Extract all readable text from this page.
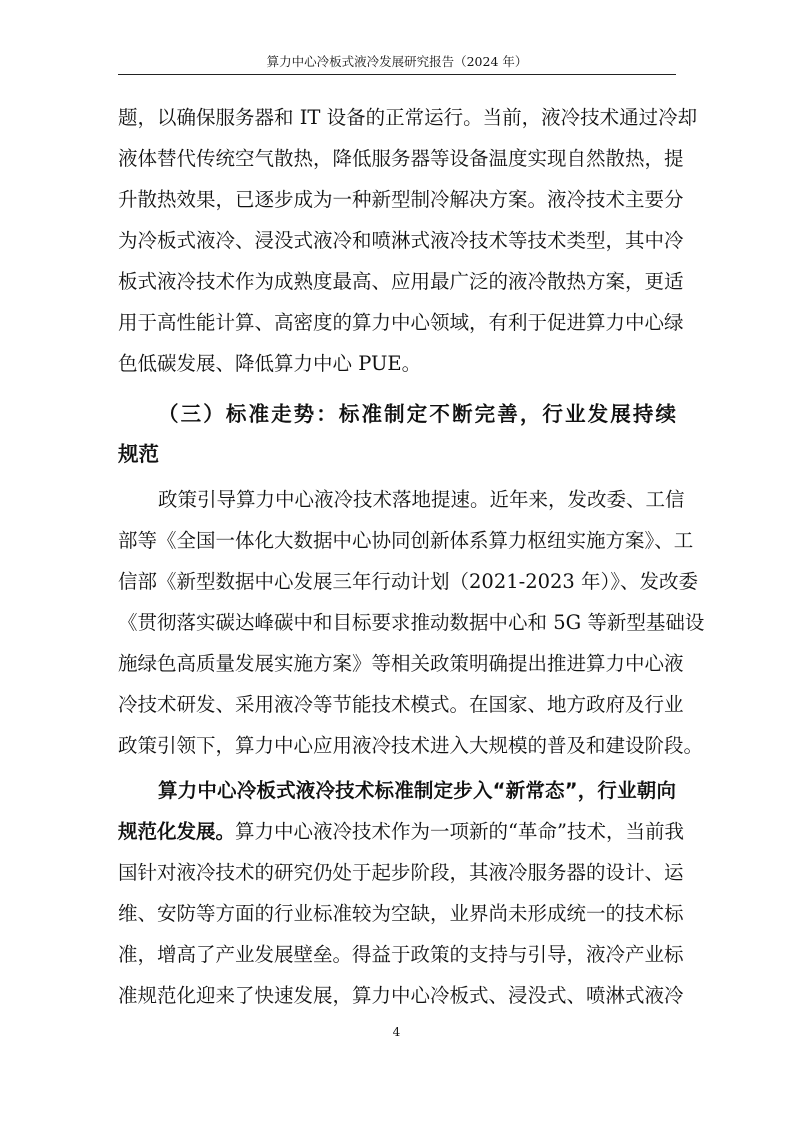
算力中心冷板式液冷发展研究报告（2024 年）
题，以确保服务器和 IT 设备的正常运行。当前，液冷技术通过冷却
液体替代传统空气散热，降低服务器等设备温度实现自然散热，提
升散热效果，已逐步成为一种新型制冷解决方案。液冷技术主要分
为冷板式液冷、浸没式液冷和喷淋式液冷技术等技术类型，其中冷
板式液冷技术作为成熟度最高、应用最广泛的液冷散热方案，更适
用于高性能计算、高密度的算力中心领域，有利于促进算力中心绿
色低碳发展、降低算力中心 PUE。
（三）标准走势：标准制定不断完善，行业发展持续
规范
政策引导算力中心液冷技术落地提速。近年来，发改委、工信
部等《全国一体化大数据中心协同创新体系算力枢纽实施方案》、工
信部《新型数据中心发展三年行动计划（2021-2023 年）》、发改委
《贯彻落实碳达峰碳中和目标要求推动数据中心和 5G 等新型基础设
施绿色高质量发展实施方案》等相关政策明确提出推进算力中心液
冷技术研发、采用液冷等节能技术模式。在国家、地方政府及行业
政策引领下，算力中心应用液冷技术进入大规模的普及和建设阶段。
算力中心冷板式液冷技术标准制定步入“新常态”，行业朝向
规范化发展。算力中心液冷技术作为一项新的“革命”技术，当前我
国针对液冷技术的研究仍处于起步阶段，其液冷服务器的设计、运
维、安防等方面的行业标准较为空缺，业界尚未形成统一的技术标
准，增高了产业发展壁垒。得益于政策的支持与引导，液冷产业标
准规范化迎来了快速发展，算力中心冷板式、浸没式、喷淋式液冷
4
